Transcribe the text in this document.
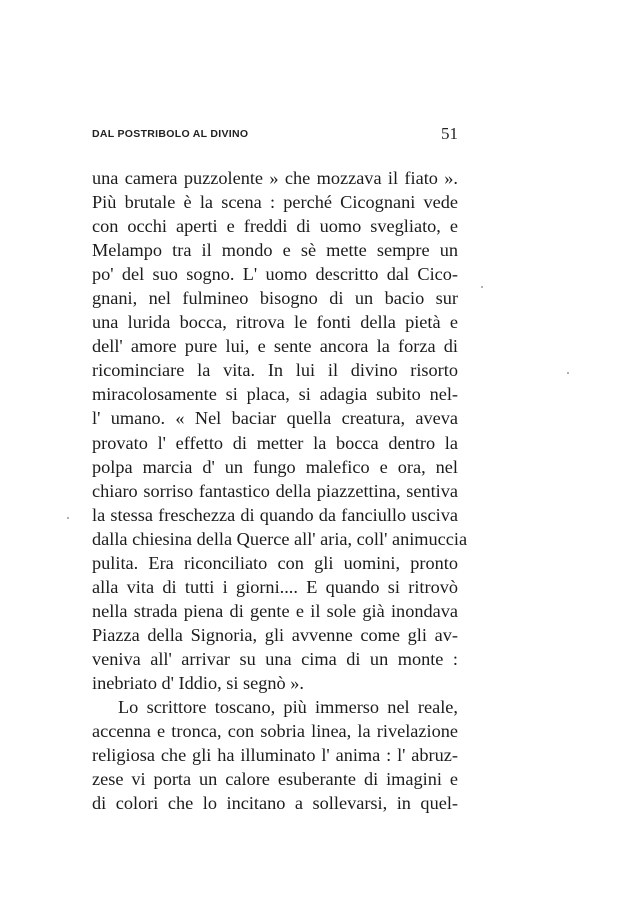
DAL POSTRIBOLO AL DIVINO	51
una camera puzzolente » che mozzava il fiato ».
Più brutale è la scena : perché Cicognani vede
con occhi aperti e freddi di uomo svegliato, e
Melampo tra il mondo e sè mette sempre un
po' del suo sogno. L' uomo descritto dal Cico-
gnani, nel fulmineo bisogno di un bacio sur
una lurida bocca, ritrova le fonti della pietà e
dell' amore pure lui, e sente ancora la forza di
ricominciare la vita. In lui il divino risorto
miracolosamente si placa, si adagia subito nel-
l' umano. « Nel baciar quella creatura, aveva
provato l' effetto di metter la bocca dentro la
polpa marcia d' un fungo malefico e ora, nel
chiaro sorriso fantastico della piazzettina, sentiva
la stessa freschezza di quando da fanciullo usciva
dalla chiesina della Querce all' aria, coll' animuccia
pulita. Era riconciliato con gli uomini, pronto
alla vita di tutti i giorni.... E quando si ritrovò
nella strada piena di gente e il sole già inondava
Piazza della Signoria, gli avvenne come gli av-
veniva all' arrivar su una cima di un monte :
inebriato d' Iddio, si segnò ».
Lo scrittore toscano, più immerso nel reale,
accenna e tronca, con sobria linea, la rivelazione
religiosa che gli ha illuminato l' anima : l' abruz-
zese vi porta un calore esuberante di imagini e
di colori che lo incitano a sollevarsi, in quel-
